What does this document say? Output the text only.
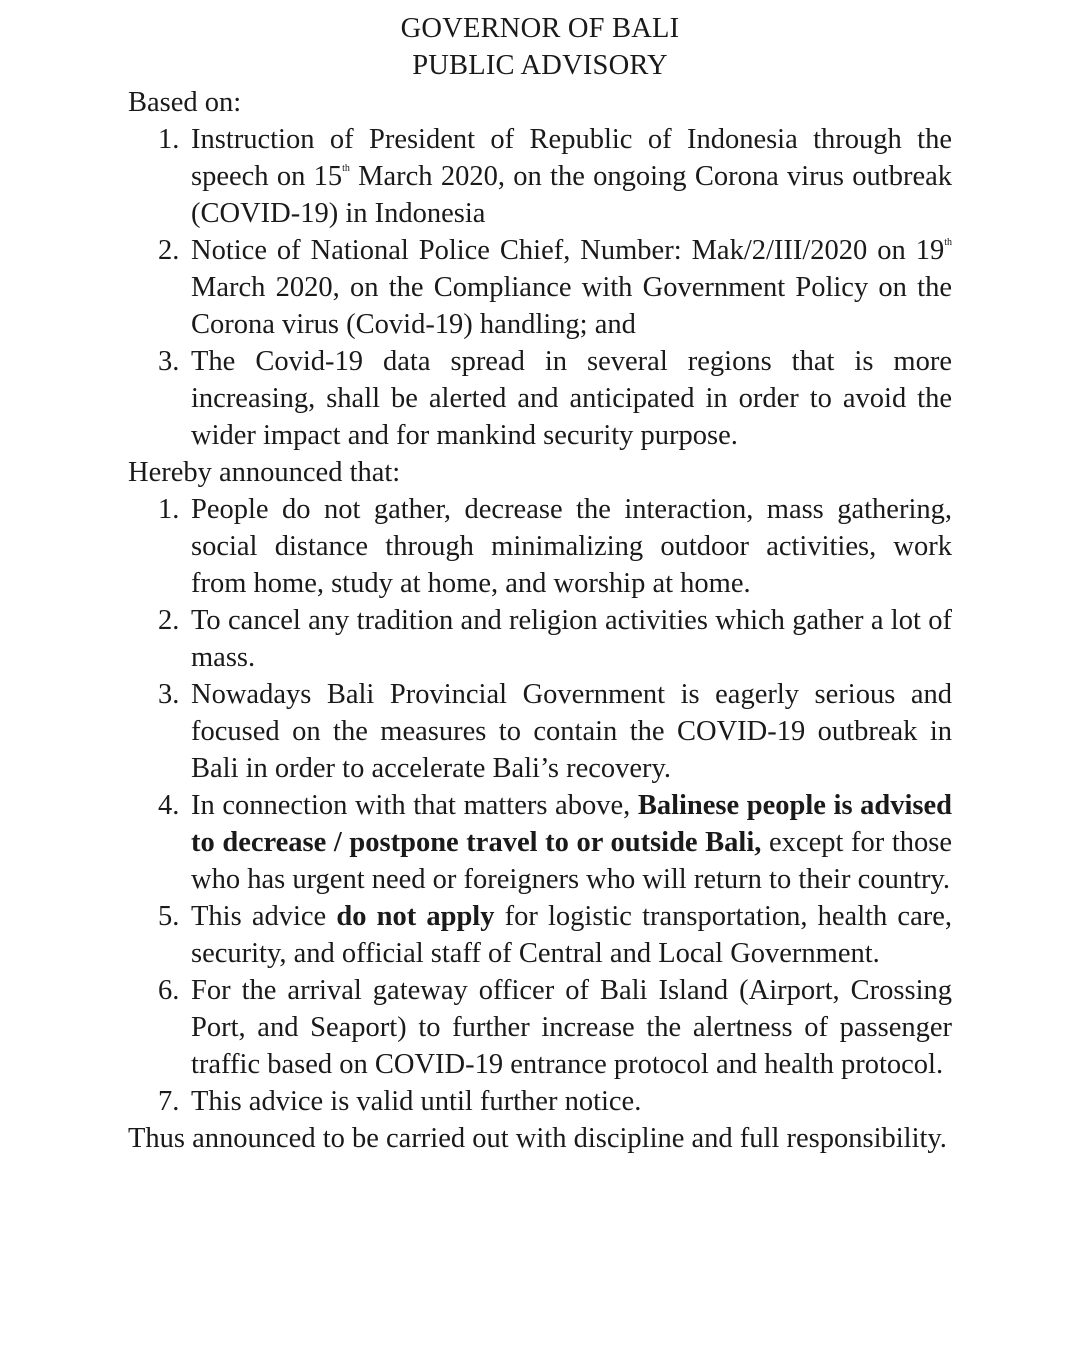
GOVERNOR OF BALI
PUBLIC ADVISORY
Based on:
1. Instruction of President of Republic of Indonesia through the speech on 15th March 2020, on the ongoing Corona virus outbreak (COVID-19) in Indonesia
2. Notice of National Police Chief, Number: Mak/2/III/2020 on 19th March 2020, on the Compliance with Government Policy on the Corona virus (Covid-19) handling; and
3. The Covid-19 data spread in several regions that is more increasing, shall be alerted and anticipated in order to avoid the wider impact and for mankind security purpose.
Hereby announced that:
1. People do not gather, decrease the interaction, mass gathering, social distance through minimalizing outdoor activities, work from home, study at home, and worship at home.
2. To cancel any tradition and religion activities which gather a lot of mass.
3. Nowadays Bali Provincial Government is eagerly serious and focused on the measures to contain the COVID-19 outbreak in Bali in order to accelerate Bali’s recovery.
4. In connection with that matters above, Balinese people is advised to decrease / postpone travel to or outside Bali, except for those who has urgent need or foreigners who will return to their country.
5. This advice do not apply for logistic transportation, health care, security, and official staff of Central and Local Government.
6. For the arrival gateway officer of Bali Island (Airport, Crossing Port, and Seaport) to further increase the alertness of passenger traffic based on COVID-19 entrance protocol and health protocol.
7. This advice is valid until further notice.
Thus announced to be carried out with discipline and full responsibility.
